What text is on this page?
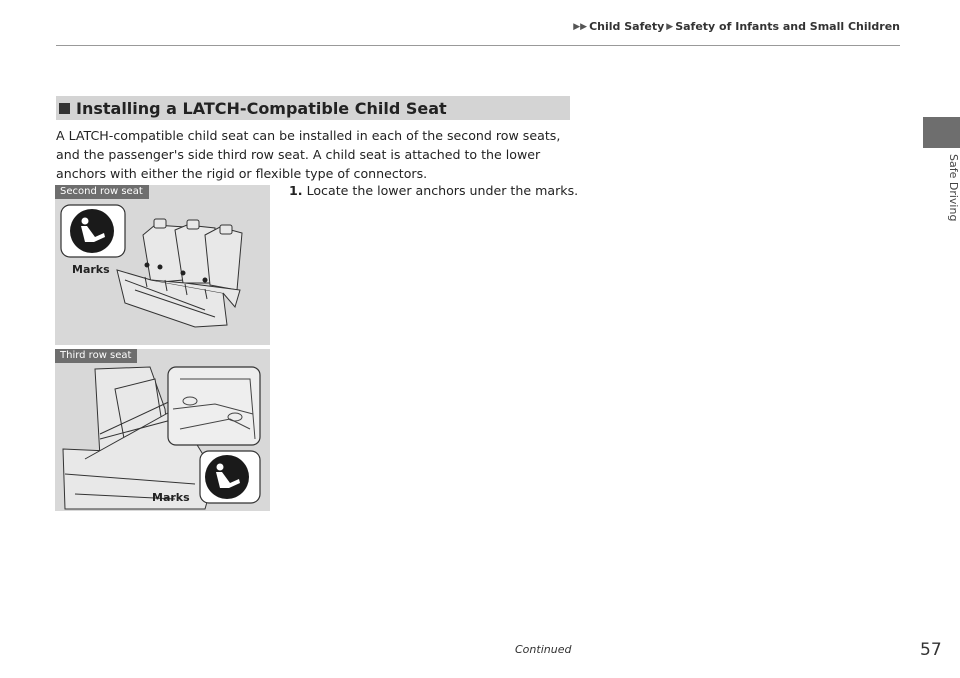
▶▶ Child Safety ▶ Safety of Infants and Small Children
Safe Driving
Installing a LATCH-Compatible Child Seat
A LATCH-compatible child seat can be installed in each of the second row seats, and the passenger's side third row seat. A child seat is attached to the lower anchors with either the rigid or flexible type of connectors.
1. Locate the lower anchors under the marks.
Second row seat
Marks
Third row seat
Marks
Continued	57
